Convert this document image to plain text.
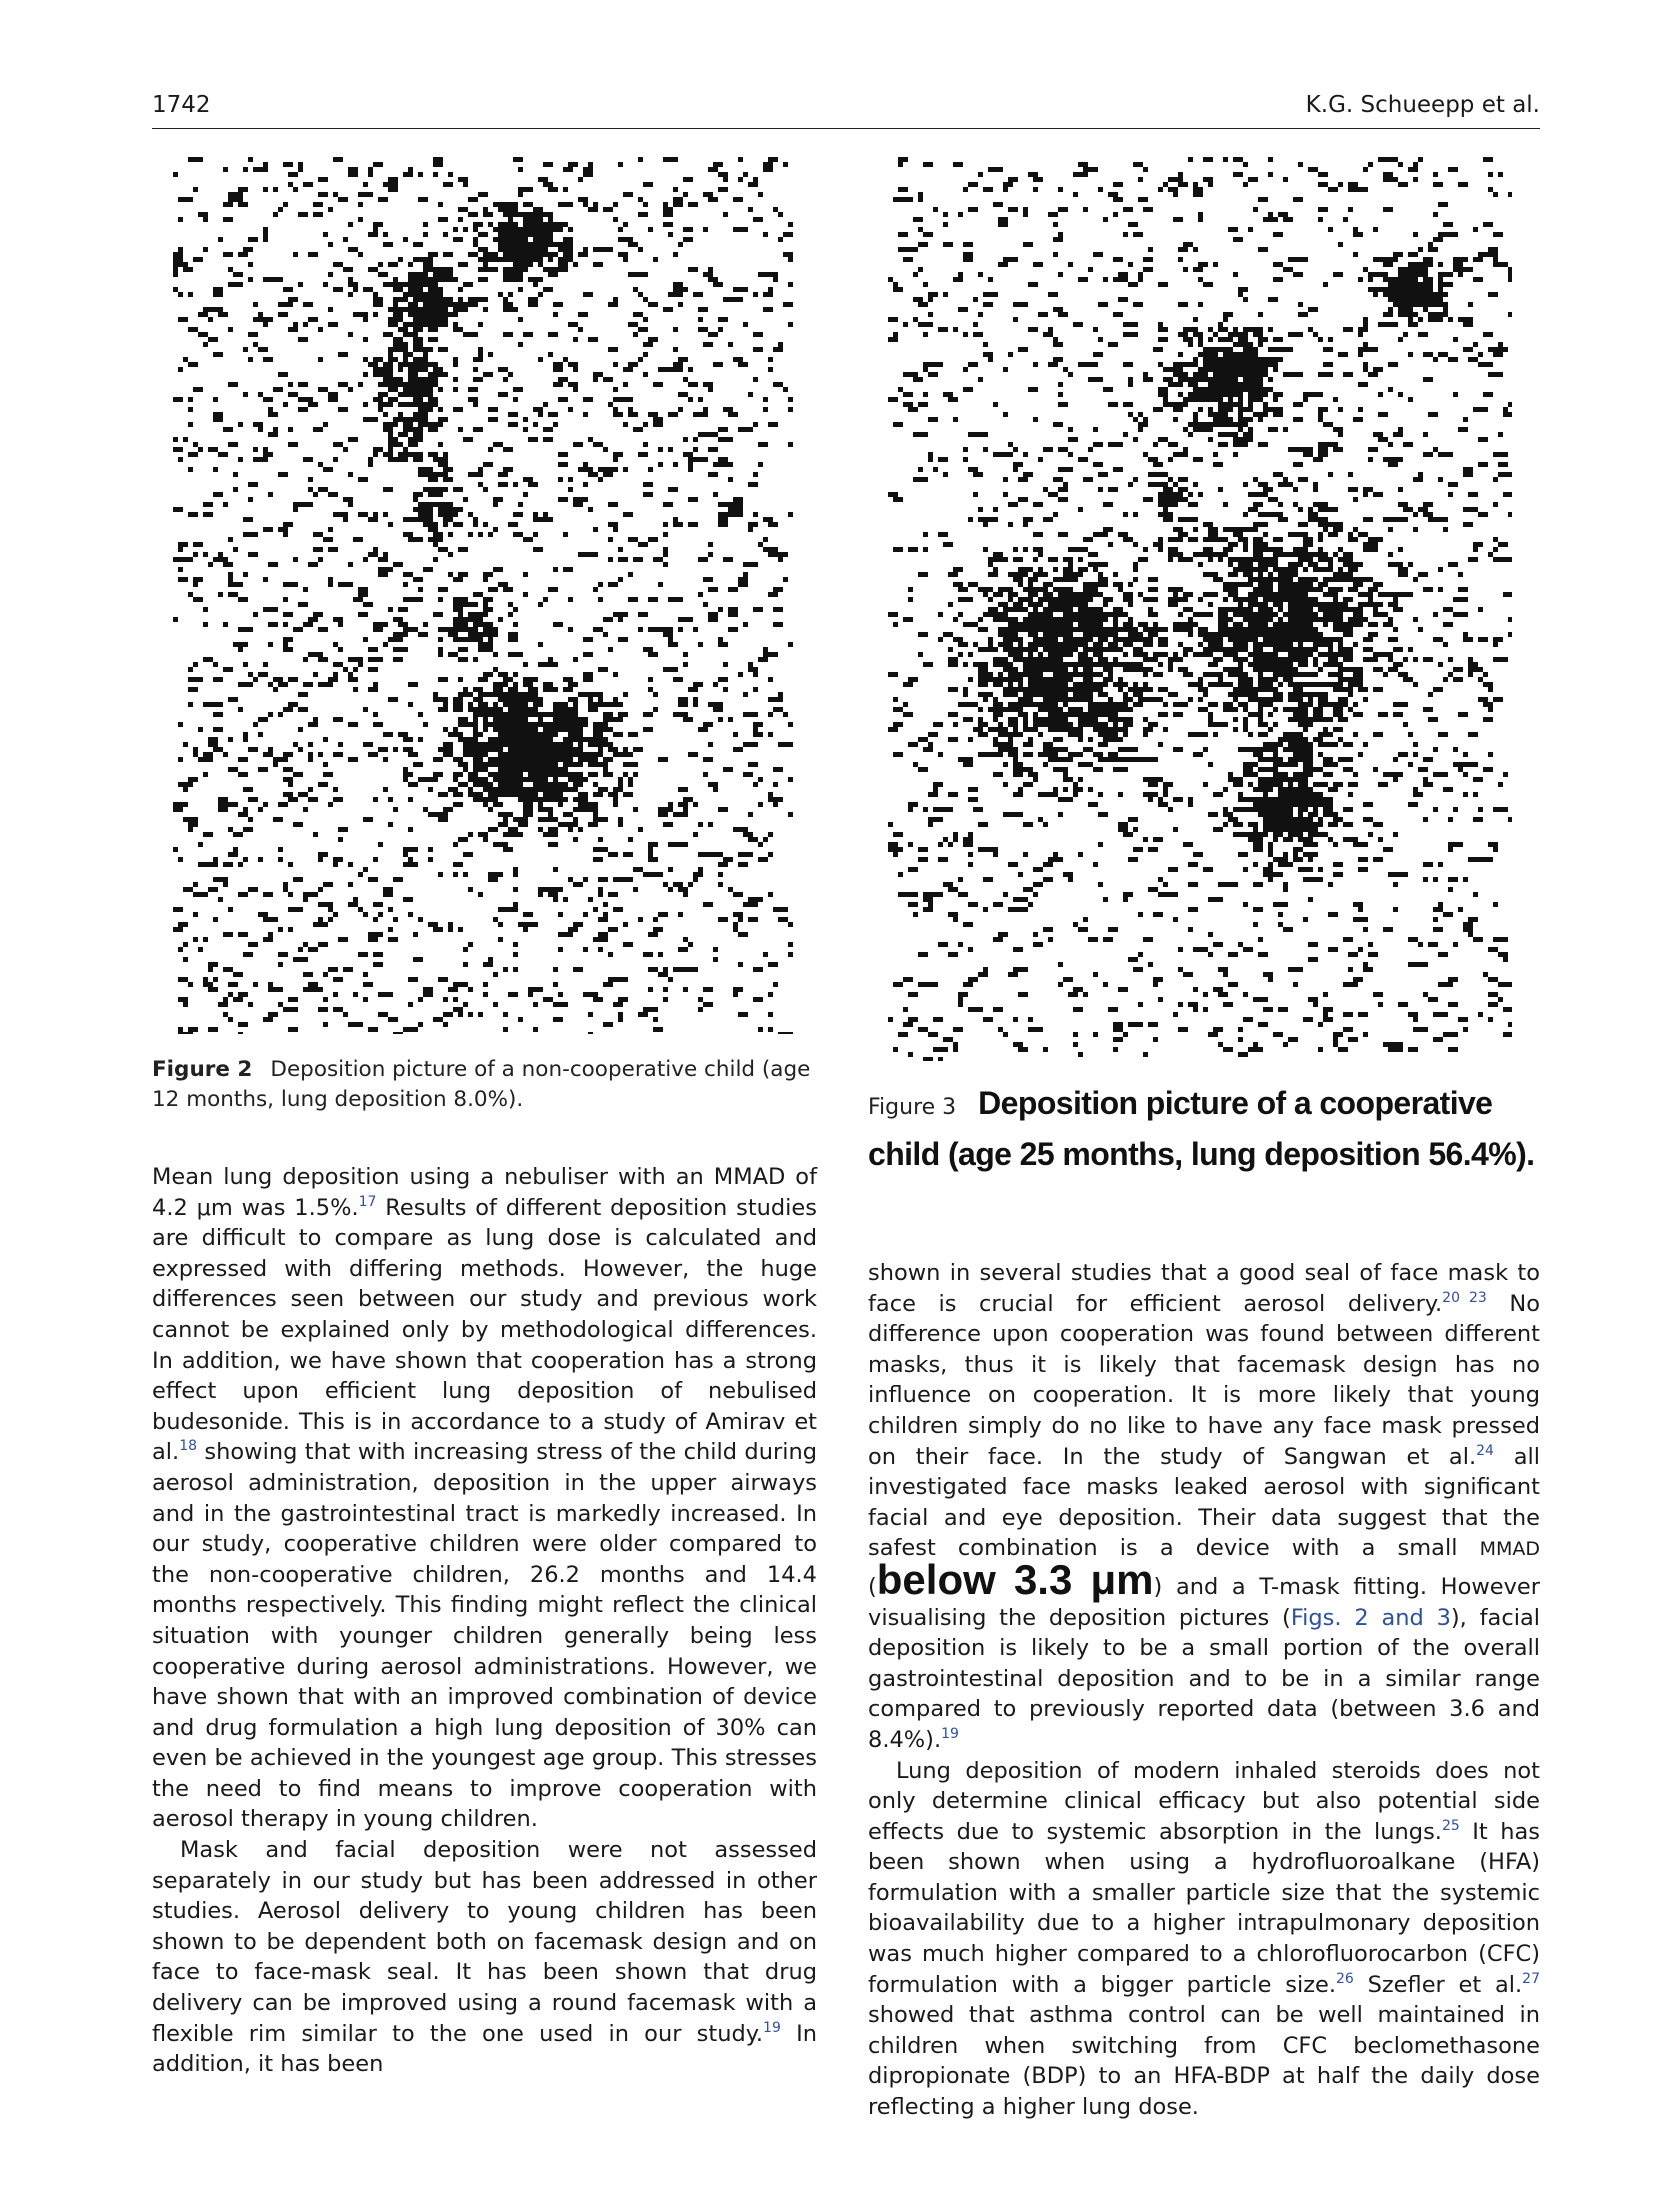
1742	K.G. Schueepp et al.
Figure 2 Deposition picture of a non-cooperative child (age 12 months, lung deposition 8.0%).	Figure 3 Deposition picture of a cooperative child (age 25 months, lung deposition 56.4%).

Mean lung deposition using a nebuliser with an MMAD of 4.2 μm was 1.5%.$^{17}$ Results of different deposition studies are difficult to compare as lung dose is calculated and expressed with differing methods. However, the huge differences seen between our study and previous work cannot be explained only by methodological differences. In addition, we have shown that cooperation has a strong effect upon efficient lung deposition of nebulised budesonide. This is in accordance to a study of Amirav et al.$^{18}$ showing that with increasing stress of the child during aerosol administration, deposition in the upper airways and in the gastrointestinal tract is markedly increased. In our study, cooperative children were older compared to the non-cooperative children, 26.2 months and 14.4 months respectively. This finding might reflect the clinical situation with younger children generally being less cooperative during aerosol administrations. However, we have shown that with an improved combination of device and drug formulation a high lung deposition of 30% can even be achieved in the youngest age group. This stresses the need to find means to improve cooperation with aerosol therapy in young children.

Mask and facial deposition were not assessed separately in our study but has been addressed in other studies. Aerosol delivery to young children has been shown to be dependent both on facemask design and on face to face-mask seal. It has been shown that drug delivery can be improved using a round facemask with a flexible rim similar to the one used in our study.$^{19}$ In addition, it has been

shown in several studies that a good seal of face mask to face is crucial for efficient aerosol delivery.$^{20}$   $^{23}$ No difference upon cooperation was found between different masks, thus it is likely that facemask design has no influence on cooperation. It is more likely that young children simply do no like to have any face mask pressed on their face. In the study of Sangwan et al.$^{24}$ all investigated face masks leaked aerosol with significant facial and eye deposition. Their data suggest that the safest combination is a device with a small MMAD (below 3.3 μm) and a T-mask fitting. However visualising the deposition pictures (Figs. 2 and 3), facial deposition is likely to be a small portion of the overall gastrointestinal deposition and to be in a similar range compared to previously reported data (between 3.6 and 8.4%).$^{19}$

Lung deposition of modern inhaled steroids does not only determine clinical efficacy but also potential side effects due to systemic absorption in the lungs.$^{25}$ It has been shown when using a hydrofluoroalkane (HFA) formulation with a smaller particle size that the systemic bioavailability due to a higher intrapulmonary deposition was much higher compared to a chlorofluorocarbon (CFC) formulation with a bigger particle size.$^{26}$ Szefler et al.$^{27}$ showed that asthma control can be well maintained in children when switching from CFC beclomethasone dipropionate (BDP) to an HFA-BDP at half the daily dose reflecting a higher lung dose.
